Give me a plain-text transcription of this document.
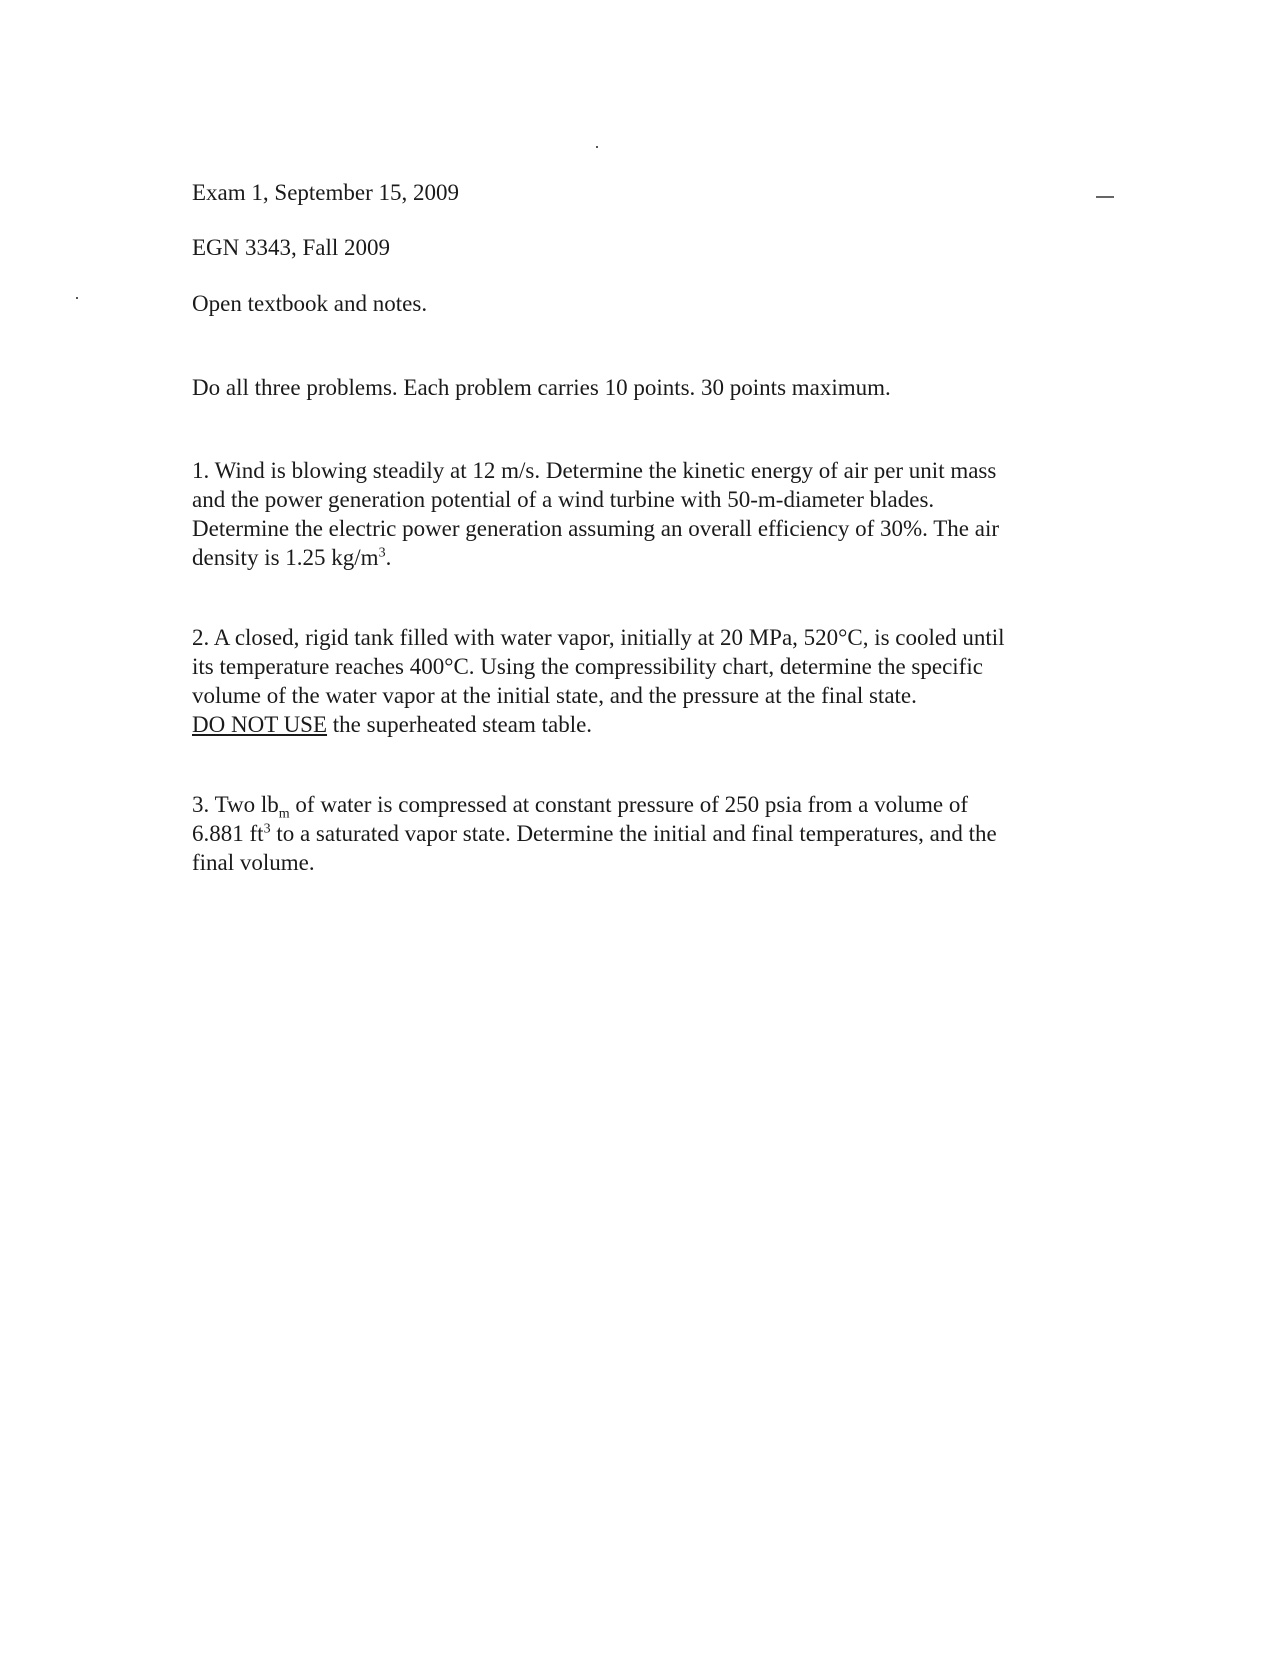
Exam 1, September 15, 2009
EGN 3343, Fall 2009
Open textbook and notes.
Do all three problems. Each problem carries 10 points. 30 points maximum.
1. Wind is blowing steadily at 12 m/s. Determine the kinetic energy of air per unit mass
and the power generation potential of a wind turbine with 50-m-diameter blades.
Determine the electric power generation assuming an overall efficiency of 30%. The air
density is 1.25 $kg/m^3$.
2. A closed, rigid tank filled with water vapor, initially at 20 MPa, 520°C, is cooled until
its temperature reaches 400°C. Using the compressibility chart, determine the specific
volume of the water vapor at the initial state, and the pressure at the final state.
DO NOT USE the superheated steam table.
3. Two $lb_m$ of water is compressed at constant pressure of 250 psia from a volume of
6.881 $ft^3$ to a saturated vapor state. Determine the initial and final temperatures, and the
final volume.
